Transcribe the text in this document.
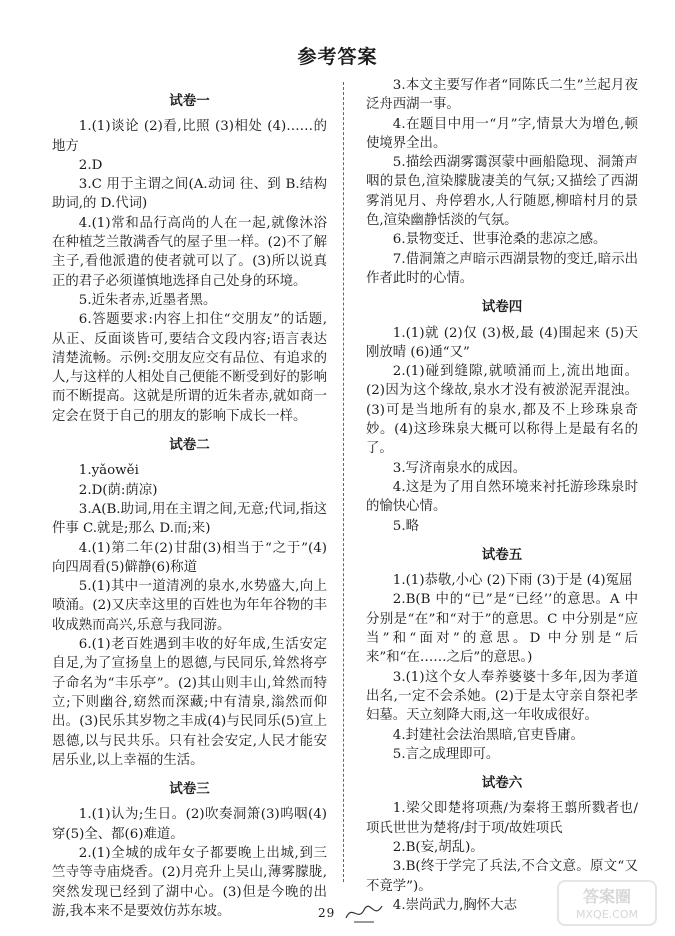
参考答案
试卷一

1.(1)谈论 (2)看,比照 (3)相处 (4)……的地方

2.D

3.C 用于主谓之间(A.动词 往、到 B.结构助词,的 D.代词)

4.(1)常和品行高尚的人在一起,就像沐浴在种植芝兰散满香气的屋子里一样。(2)不了解主子,看他派遣的使者就可以了。(3)所以说真正的君子必须谨慎地选择自己处身的环境。

5.近朱者赤,近墨者黑。

6.答题要求:内容上扣住“交朋友”的话题,从正、反面谈皆可,要结合文段内容;语言表达清楚流畅。示例:交朋友应交有品位、有追求的人,与这样的人相处自己便能不断受到好的影响而不断提高。这就是所谓的近朱者赤,就如商一定会在贤于自己的朋友的影响下成长一样。

试卷二

1.yǎowěi

2.D(荫:荫凉)

3.A(B.助词,用在主谓之间,无意;代词,指这件事 C.就是;那么 D.而;来)

4.(1)第二年(2)甘甜(3)相当于“之于”(4)向四周看(5)僻静(6)称道

5.(1)其中一道清冽的泉水,水势盛大,向上喷涌。(2)又庆幸这里的百姓也为年年谷物的丰收成熟而高兴,乐意与我同游。

6.(1)老百姓遇到丰收的好年成,生活安定自足,为了宣扬皇上的恩德,与民同乐,耸然将亭子命名为“丰乐亭”。(2)其山则丰山,耸然而特立;下则幽谷,窈然而深藏;中有清泉,滃然而仰出。(3)民乐其岁物之丰成(4)与民同乐(5)宣上恩德,以与民共乐。只有社会安定,人民才能安居乐业,以上幸福的生活。

试卷三

1.(1)认为;生日。(2)吹奏洞箫(3)呜咽(4)穿(5)全、都(6)难道。

2.(1)全城的成年女子都要晚上出城,到三竺寺等寺庙烧香。(2)月亮升上吴山,薄雾朦胧,突然发现已经到了湖中心。(3)但是今晚的出游,我本来不是要效仿苏东坡。

3.本文主要写作者“同陈氏二生”兰起月夜泛舟西湖一事。

4.在题目中用一“月”字,情景大为增色,顿使境界全出。

5.描绘西湖雾霭溟蒙中画船隐现、洞箫声咽的景色,渲染朦胧凄美的气氛;又描绘了西湖雾消见月、舟停碧水,人行随愿,柳暗村月的景色,渲染幽静恬淡的气氛。

6.景物变迁、世事沧桑的悲凉之感。

7.借洞箫之声暗示西湖景物的变迁,暗示出作者此时的心情。

试卷四

1.(1)就 (2)仅 (3)极,最 (4)围起来 (5)天刚放晴 (6)通“又”

2.(1)碰到缝隙,就喷涌而上,流出地面。(2)因为这个缘故,泉水才没有被淤泥弄混浊。(3)可是当地所有的泉水,都及不上珍珠泉奇妙。(4)这珍珠泉大概可以称得上是最有名的了。

3.写济南泉水的成因。

4.这是为了用自然环境来衬托游珍珠泉时的愉快心情。

5.略

试卷五

1.(1)恭敬,小心 (2)下雨 (3)于是 (4)冤屈

2.B(B 中的“已”是“已经’’的意思。A 中分别是“在”和“对于”的意思。C 中分别是“应当”和“面对”的意思。D 中分别是“后来”和“在……之后”的意思。)

3.(1)这个女人奉养婆婆十多年,因为孝道出名,一定不会杀她。(2)于是太守亲自祭祀孝妇墓。天立刻降大雨,这一年收成很好。

4.封建社会法治黑暗,官吏昏庸。

5.言之成理即可。

试卷六

1.梁父即楚将项燕/为秦将王翦所戮者也/项氏世世为楚将/封于项/故姓项氏

2.B(妄,胡乱)。

3.B(终于学完了兵法,不合文意。原文“又不竟学”)。

4.崇尚武力,胸怀大志

29
答案圈
MXQE.COM
